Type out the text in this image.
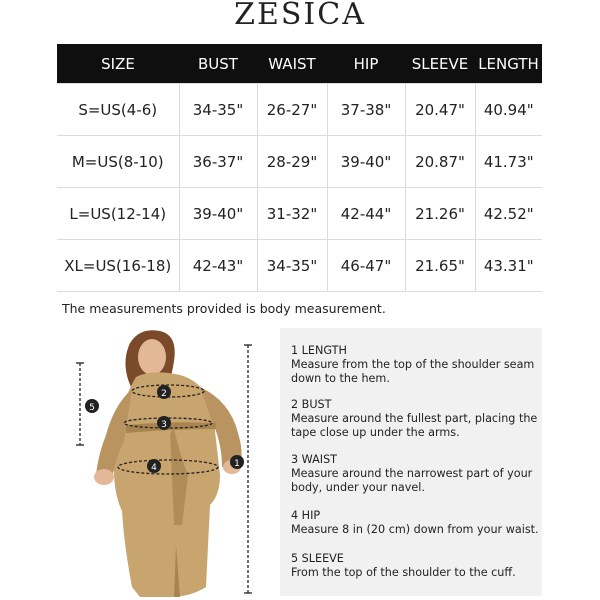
ZESICA
SIZE	BUST	WAIST	HIP	SLEEVE	LENGTH
S=US(4-6)	34-35"	26-27"	37-38"	20.47"	40.94"
M=US(8-10)	36-37"	28-29"	39-40"	20.87"	41.73"
L=US(12-14)	39-40"	31-32"	42-44"	21.26"	42.52"
XL=US(16-18)	42-43"	34-35"	46-47"	21.65"	43.31"
The measurements provided is body measurement.
2
3
4	1
5
1 LENGTH
Measure from the top of the shoulder seam down to the hem.
2 BUST
Measure around the fullest part, placing the tape close up under the arms.
3 WAIST
Measure around the narrowest part of your body, under your navel.
4 HIP
Measure 8 in (20 cm) down from your waist.
5 SLEEVE
From the top of the shoulder to the cuff.
